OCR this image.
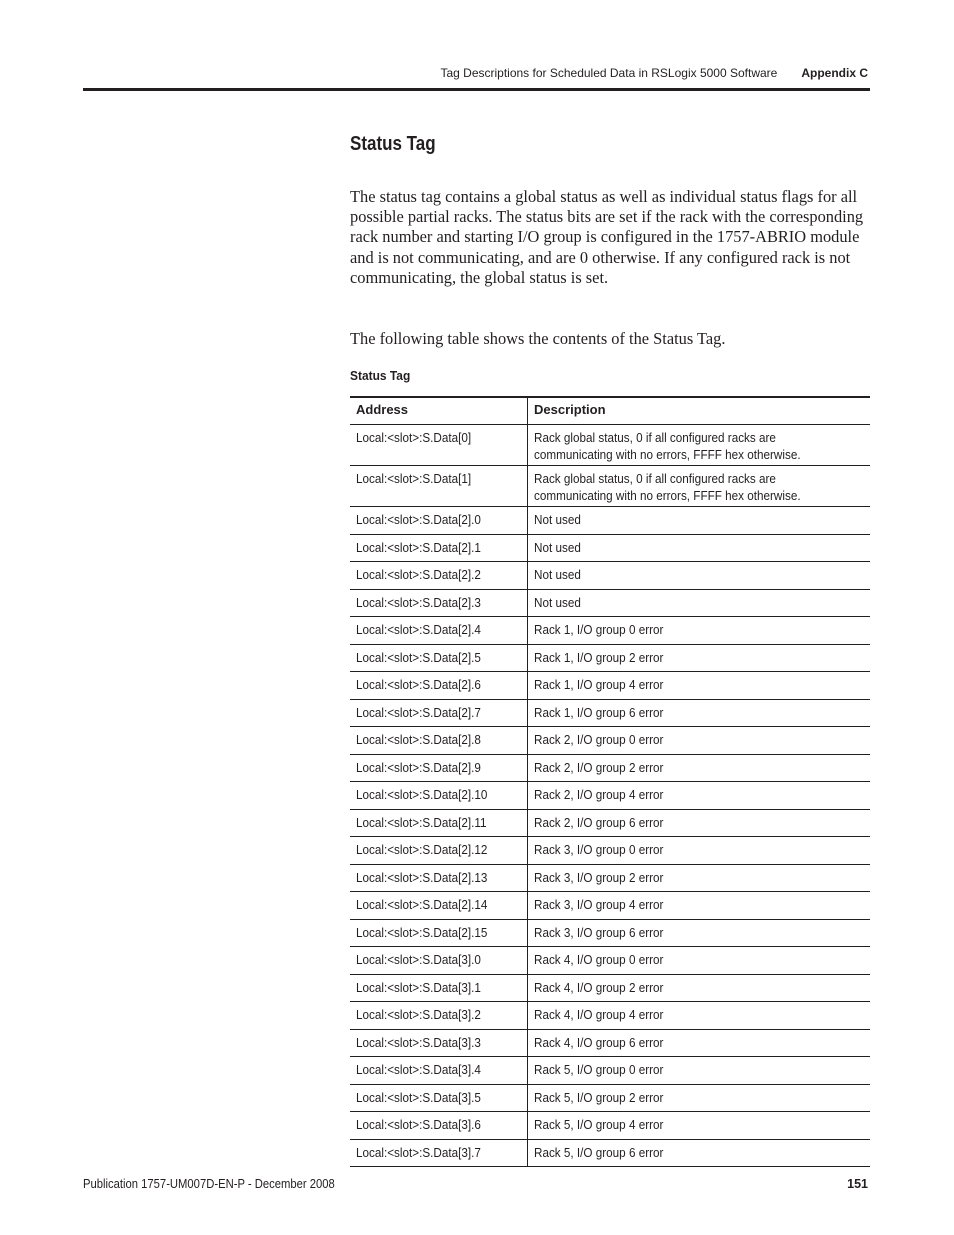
Tag Descriptions for Scheduled Data in RSLogix 5000 Software Appendix C
Status Tag
The status tag contains a global status as well as individual status flags for all possible partial racks. The status bits are set if the rack with the corresponding rack number and starting I/O group is configured in the 1757-ABRIO module and is not communicating, and are 0 otherwise. If any configured rack is not communicating, the global status is set.
The following table shows the contents of the Status Tag.
Status Tag
Address	Description
Local:<slot>:S.Data[0]	Rack global status, 0 if all configured racks are communicating with no errors, FFFF hex otherwise.
Local:<slot>:S.Data[1]	Rack global status, 0 if all configured racks are communicating with no errors, FFFF hex otherwise.
Local:<slot>:S.Data[2].0	Not used
Local:<slot>:S.Data[2].1	Not used
Local:<slot>:S.Data[2].2	Not used
Local:<slot>:S.Data[2].3	Not used
Local:<slot>:S.Data[2].4	Rack 1, I/O group 0 error
Local:<slot>:S.Data[2].5	Rack 1, I/O group 2 error
Local:<slot>:S.Data[2].6	Rack 1, I/O group 4 error
Local:<slot>:S.Data[2].7	Rack 1, I/O group 6 error
Local:<slot>:S.Data[2].8	Rack 2, I/O group 0 error
Local:<slot>:S.Data[2].9	Rack 2, I/O group 2 error
Local:<slot>:S.Data[2].10	Rack 2, I/O group 4 error
Local:<slot>:S.Data[2].11	Rack 2, I/O group 6 error
Local:<slot>:S.Data[2].12	Rack 3, I/O group 0 error
Local:<slot>:S.Data[2].13	Rack 3, I/O group 2 error
Local:<slot>:S.Data[2].14	Rack 3, I/O group 4 error
Local:<slot>:S.Data[2].15	Rack 3, I/O group 6 error
Local:<slot>:S.Data[3].0	Rack 4, I/O group 0 error
Local:<slot>:S.Data[3].1	Rack 4, I/O group 2 error
Local:<slot>:S.Data[3].2	Rack 4, I/O group 4 error
Local:<slot>:S.Data[3].3	Rack 4, I/O group 6 error
Local:<slot>:S.Data[3].4	Rack 5, I/O group 0 error
Local:<slot>:S.Data[3].5	Rack 5, I/O group 2 error
Local:<slot>:S.Data[3].6	Rack 5, I/O group 4 error
Local:<slot>:S.Data[3].7	Rack 5, I/O group 6 error
Publication 1757-UM007D-EN-P - December 2008	151
